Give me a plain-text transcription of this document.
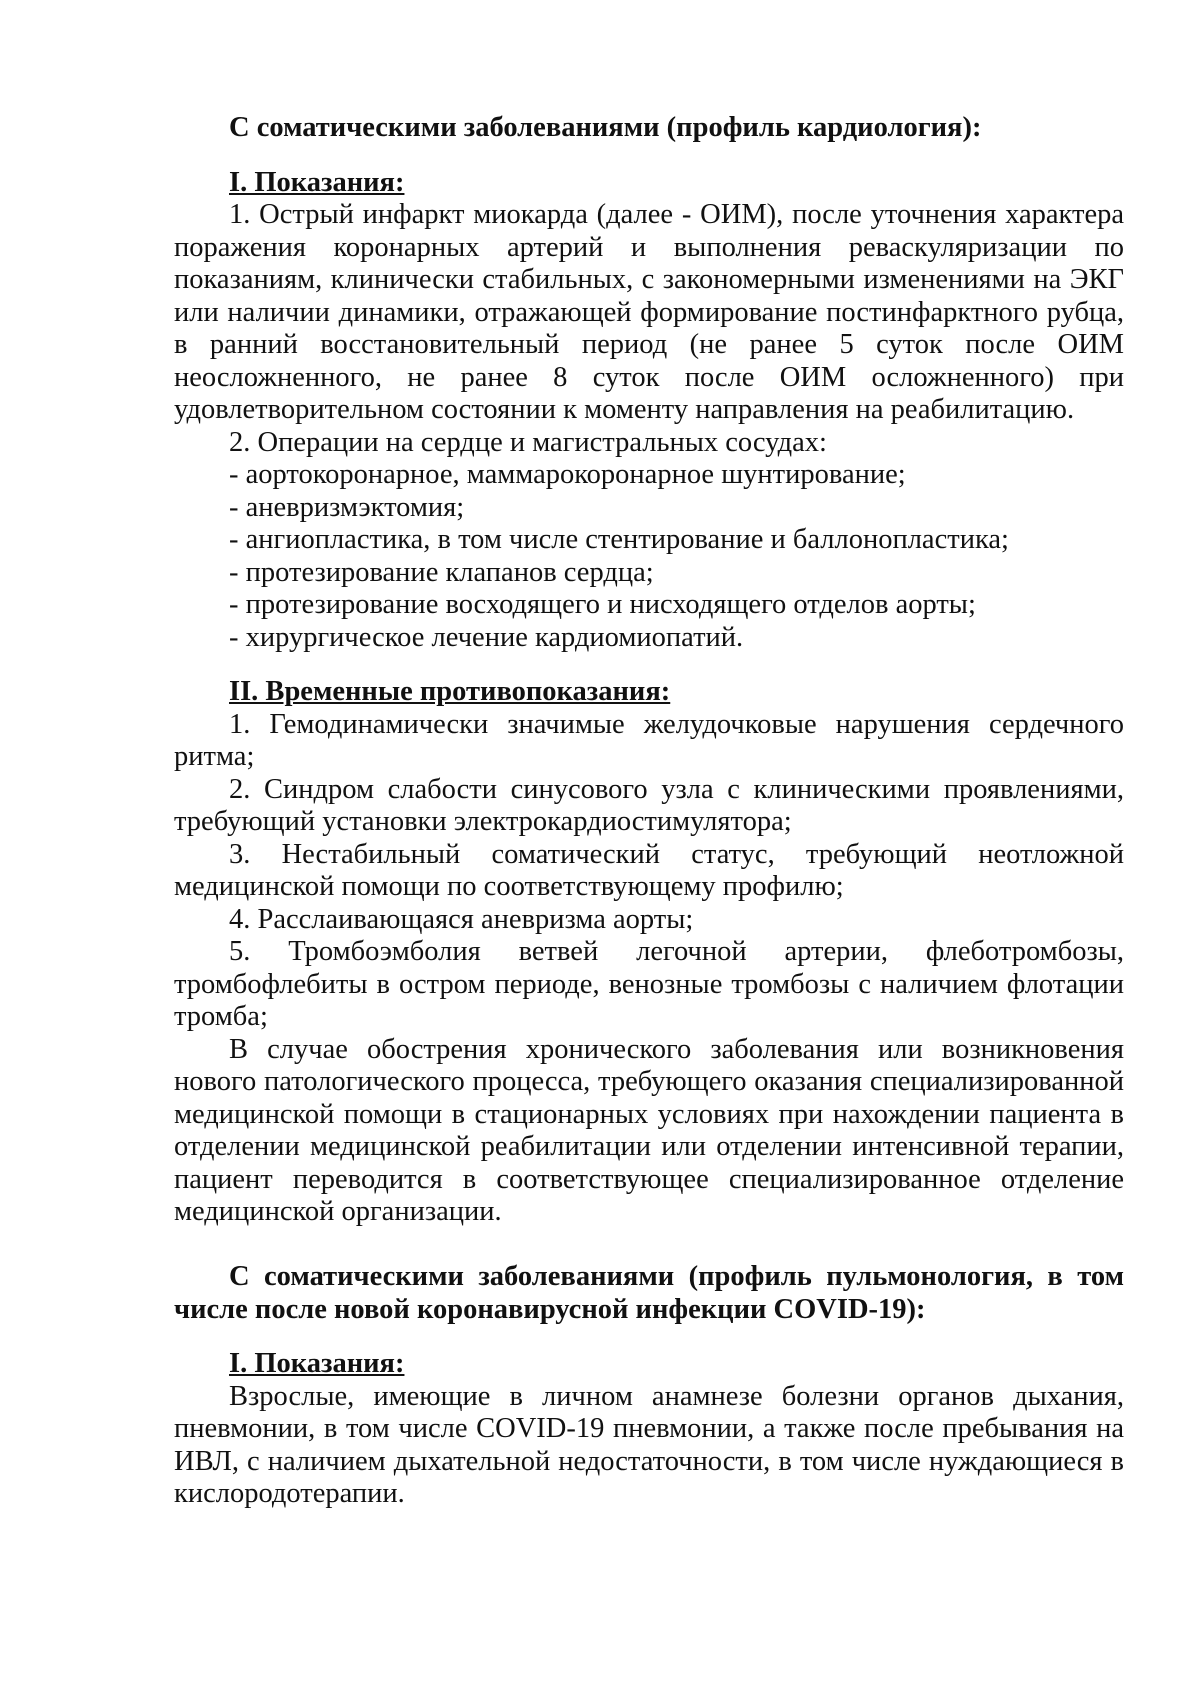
С соматическими заболеваниями (профиль кардиология):

I. Показания:

1. Острый инфаркт миокарда (далее - ОИМ), после уточнения характера поражения коронарных артерий и выполнения реваскуляризации по показаниям, клинически стабильных, с закономерными изменениями на ЭКГ или наличии динамики, отражающей формирование постинфарктного рубца, в ранний восстановительный период (не ранее 5 суток после ОИМ неосложненного, не ранее 8 суток после ОИМ осложненного) при удовлетворительном состоянии к моменту направления на реабилитацию.

2. Операции на сердце и магистральных сосудах:

- аортокоронарное, маммарокоронарное шунтирование;

- аневризмэктомия;

- ангиопластика, в том числе стентирование и баллонопластика;

- протезирование клапанов сердца;

- протезирование восходящего и нисходящего отделов аорты;

- хирургическое лечение кардиомиопатий.

II. Временные противопоказания:

1. Гемодинамически значимые желудочковые нарушения сердечного ритма;

2. Синдром слабости синусового узла с клиническими проявлениями, требующий установки электрокардиостимулятора;

3. Нестабильный соматический статус, требующий неотложной медицинской помощи по соответствующему профилю;

4. Расслаивающаяся аневризма аорты;

5. Тромбоэмболия ветвей легочной артерии, флеботромбозы, тромбофлебиты в остром периоде, венозные тромбозы с наличием флотации тромба;

В случае обострения хронического заболевания или возникновения нового патологического процесса, требующего оказания специализированной медицинской помощи в стационарных условиях при нахождении пациента в отделении медицинской реабилитации или отделении интенсивной терапии, пациент переводится в соответствующее специализированное отделение медицинской организации.

С соматическими заболеваниями (профиль пульмонология, в том числе после новой коронавирусной инфекции COVID-19):

I. Показания:

Взрослые, имеющие в личном анамнезе болезни органов дыхания, пневмонии, в том числе COVID-19 пневмонии, а также после пребывания на ИВЛ, с наличием дыхательной недостаточности, в том числе нуждающиеся в кислородотерапии.
